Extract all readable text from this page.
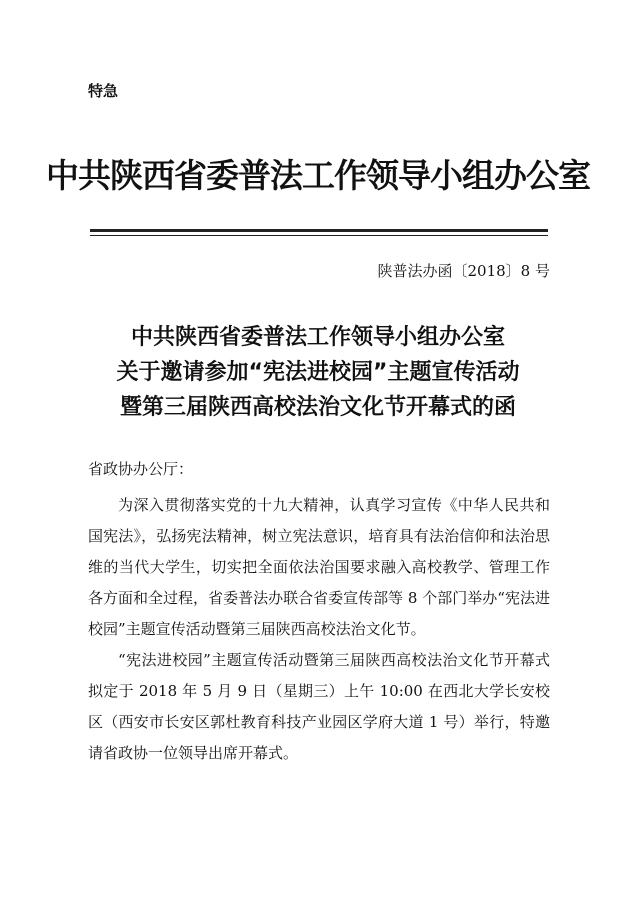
特急
中共陕西省委普法工作领导小组办公室
陕普法办函〔2018〕8 号
中共陕西省委普法工作领导小组办公室
关于邀请参加“宪法进校园”主题宣传活动
暨第三届陕西高校法治文化节开幕式的函
省政协办公厅：

为深入贯彻落实党的十九大精神，认真学习宣传《中华人民共和国宪法》，弘扬宪法精神，树立宪法意识，培育具有法治信仰和法治思维的当代大学生，切实把全面依法治国要求融入高校教学、管理工作各方面和全过程，省委普法办联合省委宣传部等 8 个部门举办“宪法进校园”主题宣传活动暨第三届陕西高校法治文化节。

“宪法进校园”主题宣传活动暨第三届陕西高校法治文化节开幕式拟定于 2018 年 5 月 9 日（星期三）上午 10:00 在西北大学长安校区（西安市长安区郭杜教育科技产业园区学府大道 1 号）举行，特邀请省政协一位领导出席开幕式。
